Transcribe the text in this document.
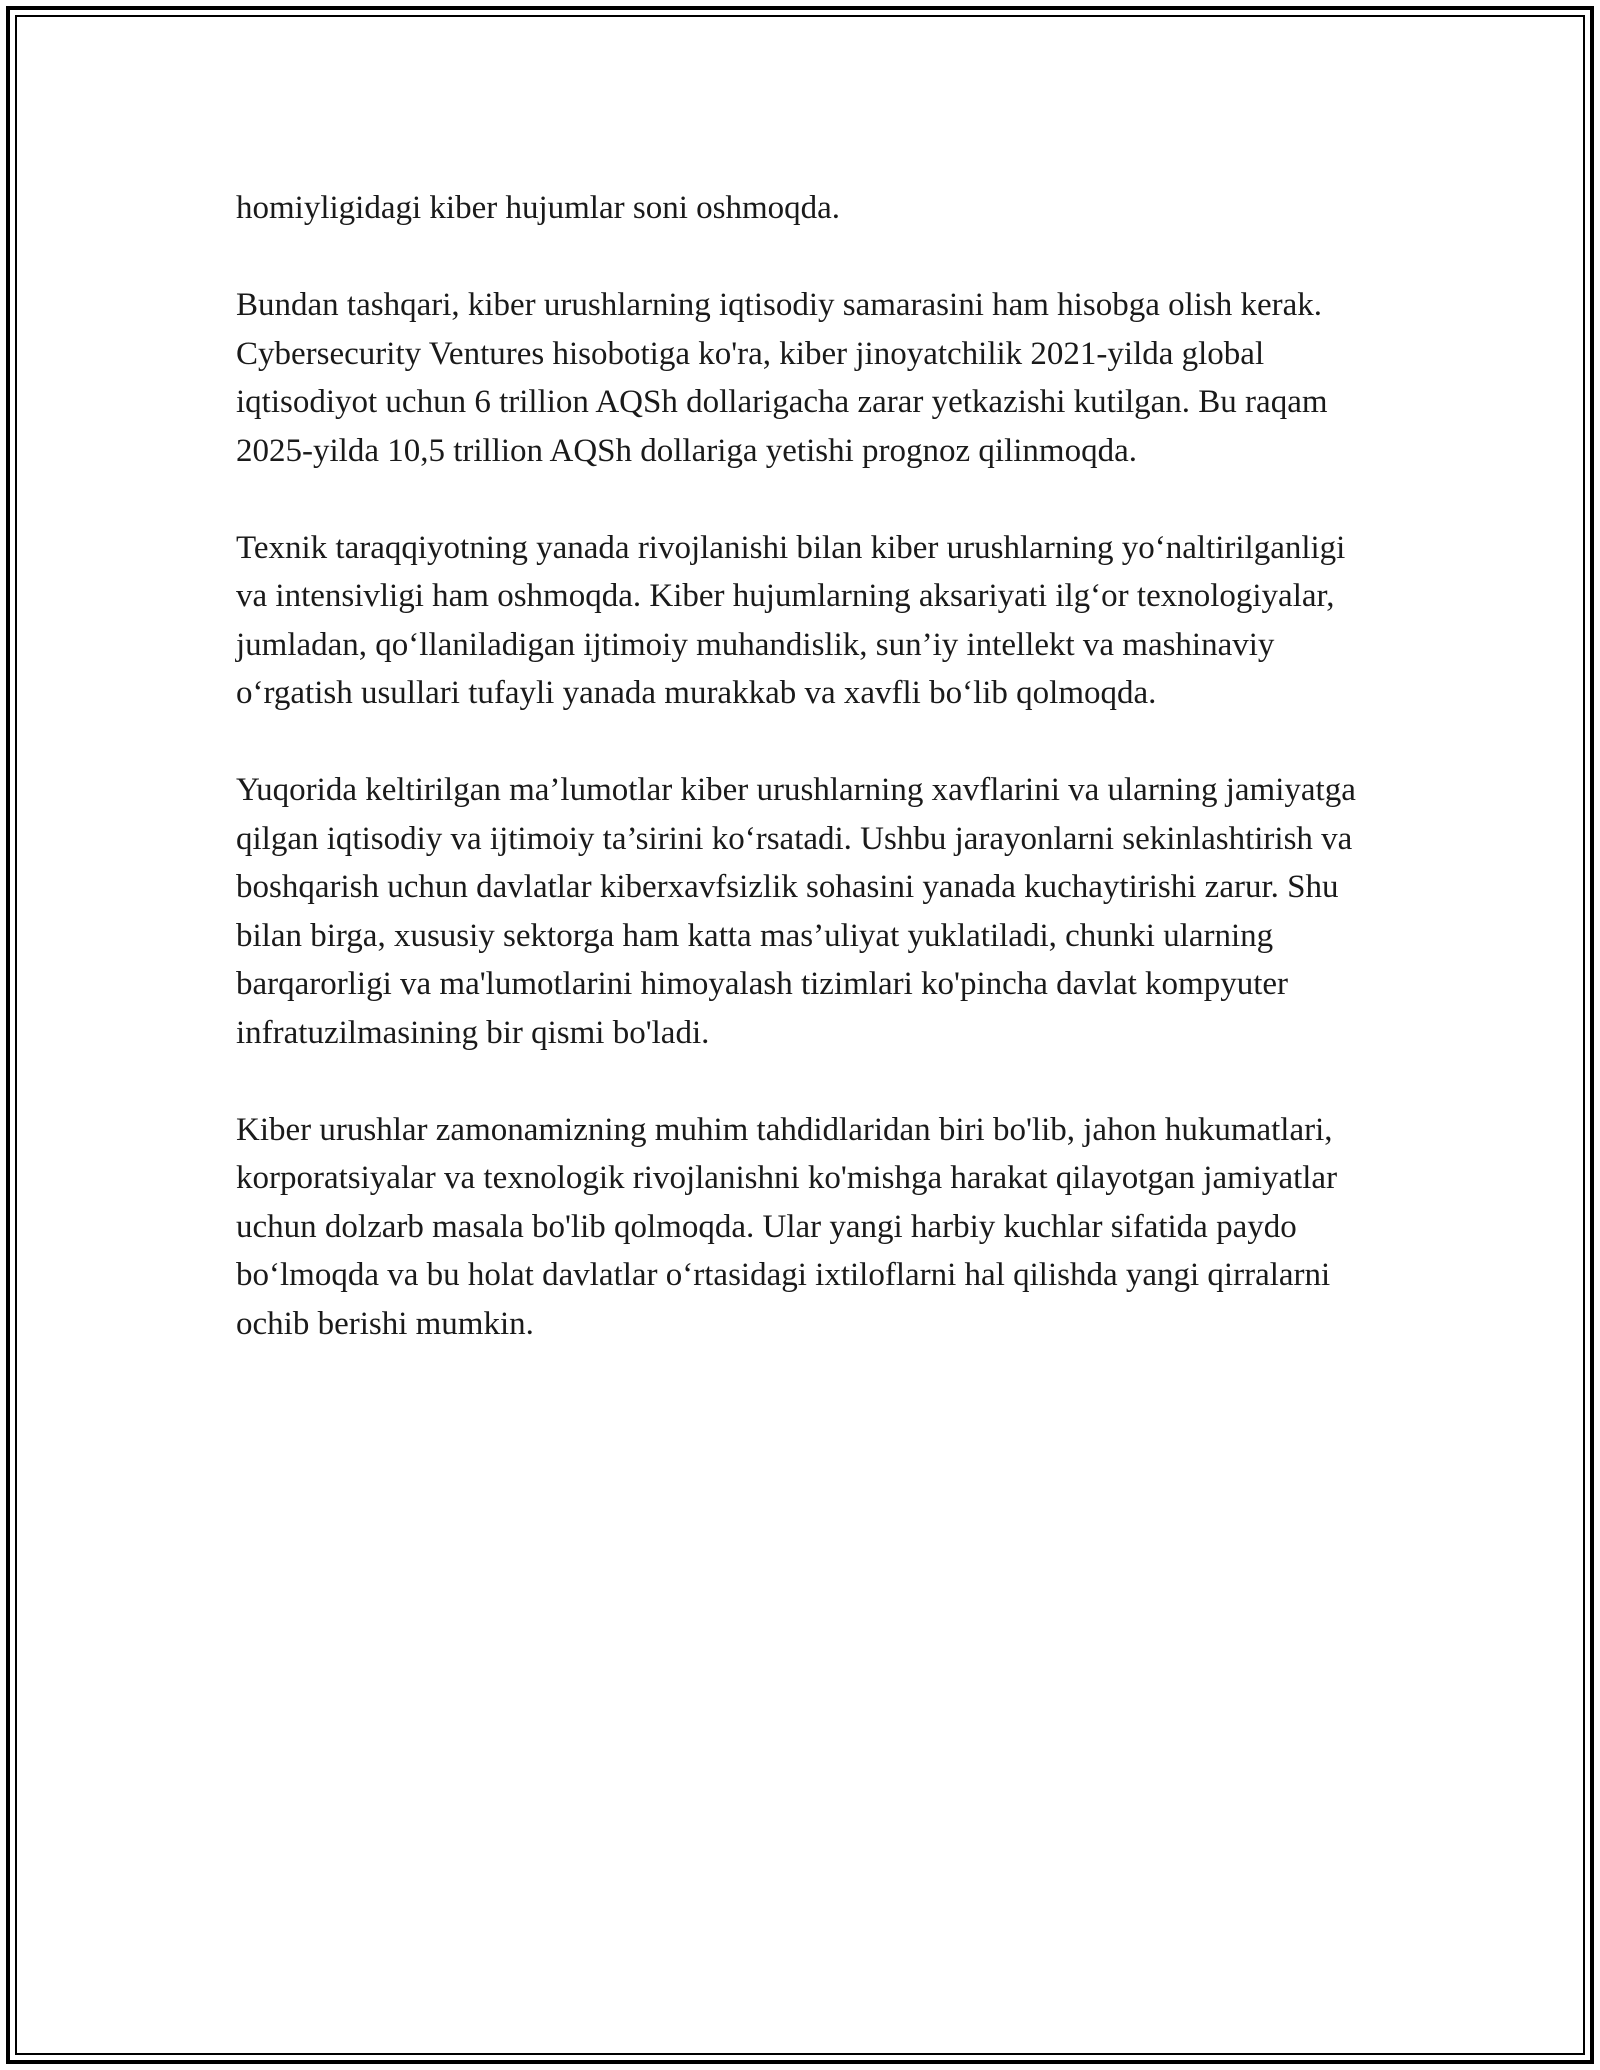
homiyligidagi kiber hujumlar soni oshmoqda.

Bundan tashqari, kiber urushlarning iqtisodiy samarasini ham hisobga olish kerak. Cybersecurity Ventures hisobotiga ko'ra, kiber jinoyatchilik 2021-yilda global iqtisodiyot uchun 6 trillion AQSh dollarigacha zarar yetkazishi kutilgan. Bu raqam 2025-yilda 10,5 trillion AQSh dollariga yetishi prognoz qilinmoqda.

Texnik taraqqiyotning yanada rivojlanishi bilan kiber urushlarning yo‘naltirilganligi va intensivligi ham oshmoqda. Kiber hujumlarning aksariyati ilg‘or texnologiyalar, jumladan, qo‘llaniladigan ijtimoiy muhandislik, sun’iy intellekt va mashinaviy o‘rgatish usullari tufayli yanada murakkab va xavfli bo‘lib qolmoqda.

Yuqorida keltirilgan ma’lumotlar kiber urushlarning xavflarini va ularning jamiyatga qilgan iqtisodiy va ijtimoiy ta’sirini ko‘rsatadi. Ushbu jarayonlarni sekinlashtirish va boshqarish uchun davlatlar kiberxavfsizlik sohasini yanada kuchaytirishi zarur. Shu bilan birga, xususiy sektorga ham katta mas’uliyat yuklatiladi, chunki ularning barqarorligi va ma'lumotlarini himoyalash tizimlari ko'pincha davlat kompyuter infratuzilmasining bir qismi bo'ladi.

Kiber urushlar zamonamizning muhim tahdidlaridan biri bo'lib, jahon hukumatlari, korporatsiyalar va texnologik rivojlanishni ko'mishga harakat qilayotgan jamiyatlar uchun dolzarb masala bo'lib qolmoqda. Ular yangi harbiy kuchlar sifatida paydo bo‘lmoqda va bu holat davlatlar o‘rtasidagi ixtiloflarni hal qilishda yangi qirralarni ochib berishi mumkin.
